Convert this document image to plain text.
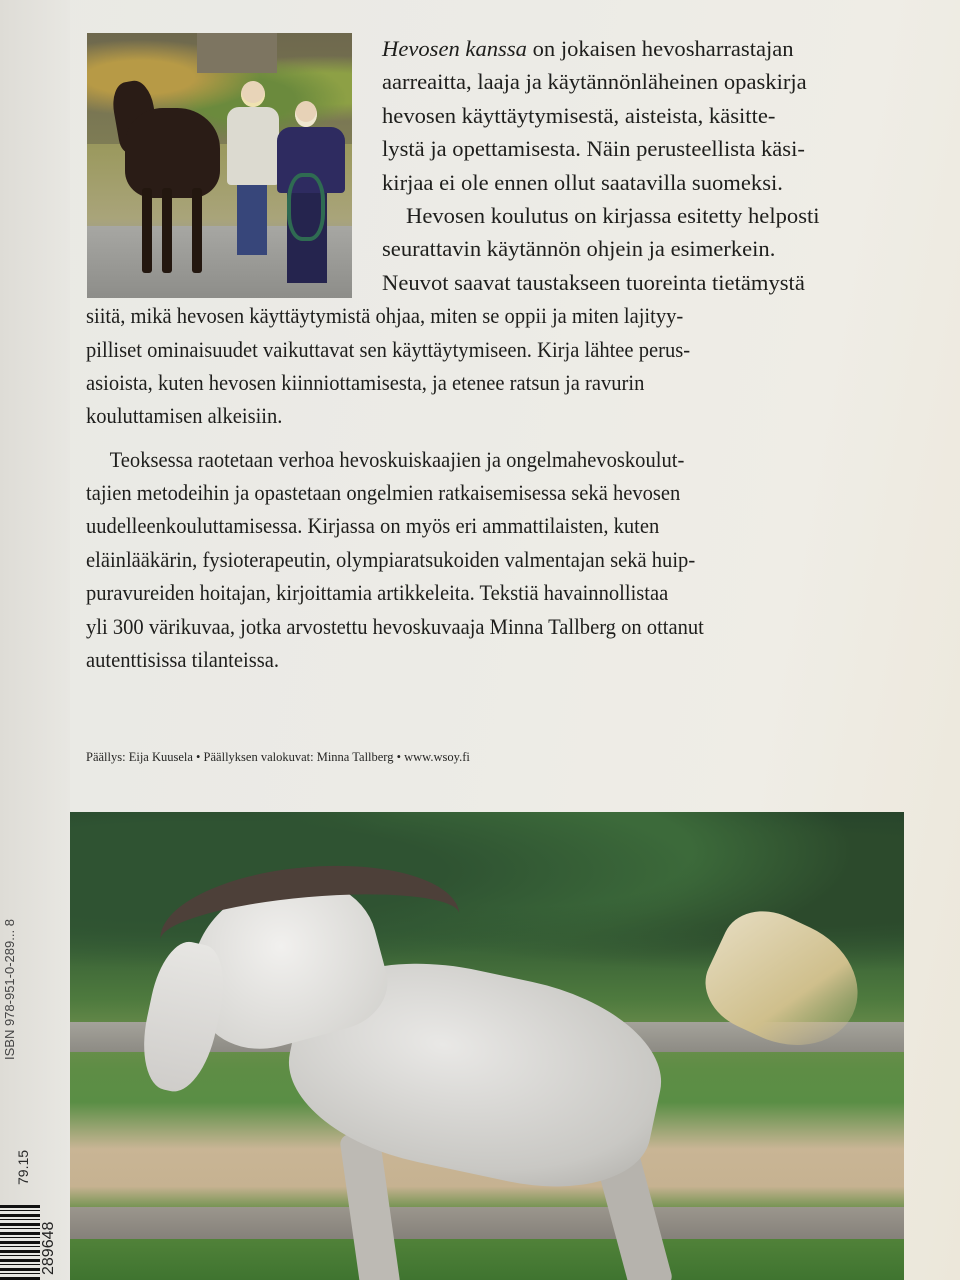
Hevosen kanssa on jokaisen hevosharrastajan
aarreaitta, laaja ja käytännönläheinen opaskirja
hevosen käyttäytymisestä, aisteista, käsitte-
lystä ja opettamisesta. Näin perusteellista käsi-
kirjaa ei ole ennen ollut saatavilla suomeksi.
Hevosen koulutus on kirjassa esitetty helposti
seurattavin käytännön ohjein ja esimerkein.
Neuvot saavat taustakseen tuoreinta tietämystä
siitä, mikä hevosen käyttäytymistä ohjaa, miten se oppii ja miten lajityy-
pilliset ominaisuudet vaikuttavat sen käyttäytymiseen. Kirja lähtee perus-
asioista, kuten hevosen kiinniottamisesta, ja etenee ratsun ja ravurin
kouluttamisen alkeisiin.
Teoksessa raotetaan verhoa hevoskuiskaajien ja ongelmahevoskoulut-
tajien metodeihin ja opastetaan ongelmien ratkaisemisessa sekä hevosen
uudelleenkouluttamisessa. Kirjassa on myös eri ammattilaisten, kuten
eläinlääkärin, fysioterapeutin, olympiaratsukoiden valmentajan sekä huip-
puravureiden hoitajan, kirjoittamia artikkeleita. Tekstiä havainnollistaa
yli 300 värikuvaa, jotka arvostettu hevoskuvaaja Minna Tallberg on ottanut
autenttisissa tilanteissa.
Päällys: Eija Kuusela • Päällyksen valokuvat: Minna Tallberg • www.wsoy.fi
ISBN 978-951-0-289... 8
79.15
289648
